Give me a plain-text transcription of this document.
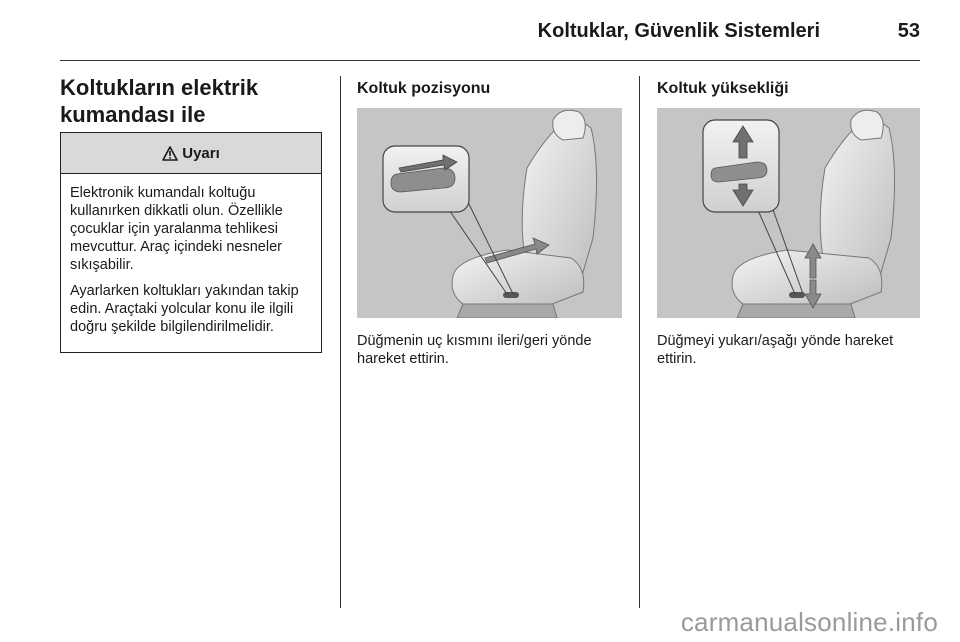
Koltuklar, Güvenlik Sistemleri	53
Koltukların elektrik
kumandası ile
Uyarı

Elektronik kumandalı koltuğu kullanırken dikkatli olun. Özellikle çocuklar için yaralanma tehlikesi mevcuttur. Araç içindeki nesneler sıkışabilir.

Ayarlarken koltukları yakından takip edin. Araçtaki yolcular konu ile ilgili doğru şekilde bilgilendirilmelidir.

Koltuk pozisyonu

Düğmenin uç kısmını ileri/geri yönde hareket ettirin.

Koltuk yüksekliği

Düğmeyi yukarı/aşağı yönde hareket ettirin.

carmanualsonline.info
